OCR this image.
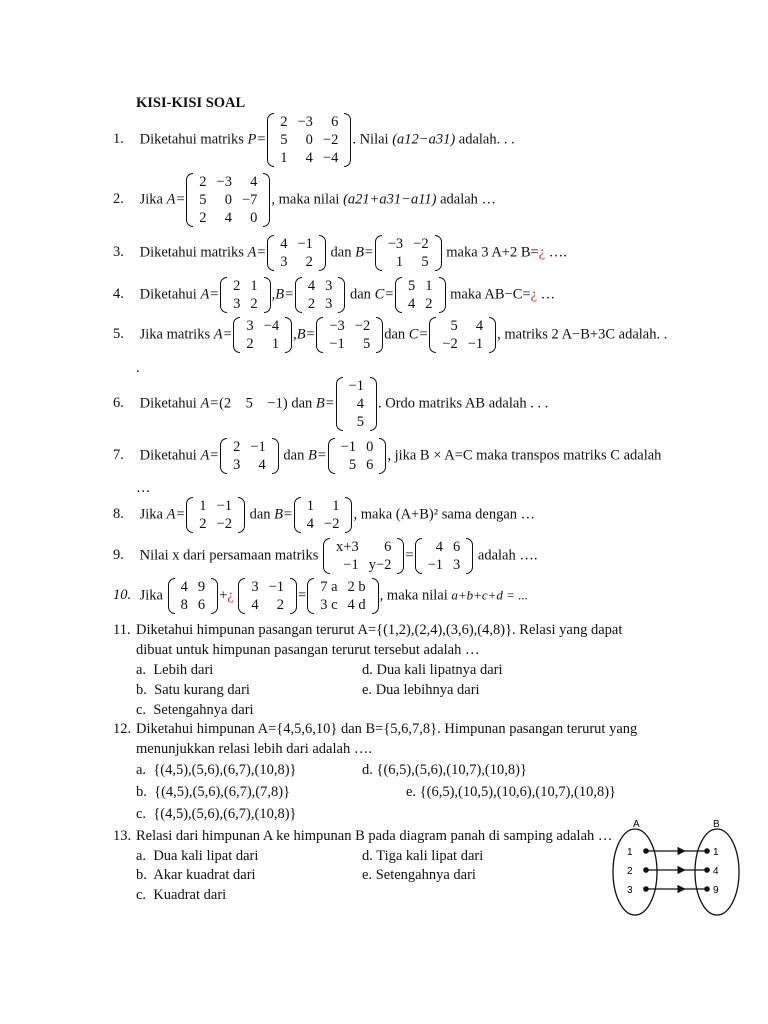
KISI-KISI SOAL
1. Diketahui matriks P=
2	−3	6
5	0	−2
1	4	−4
. Nilai (a12−a31) adalah. . .
2. Jika A=
2	−3	4
5	0	−7
2	4	0
, maka nilai (a21+a31−a11) adalah …
3. Diketahui matriks A=
4	−1
3	2
dan B=
−3	−2
1	5
maka 3 A+2 B=¿ ….
4. Diketahui A=
2	1
3	2
,B=
4	3
2	3
dan C=
5	1
4	2
maka AB−C=¿ …
5. Jika matriks A=
3	−4
2	1
,B=
−3	−2
−1	5
dan C=
5	4
−2	−1
, matriks 2 A−B+3C adalah. .
.
6. Diketahui A=(2    5    −1) dan B=
−1
4
5
. Ordo matriks AB adalah . . .
7. Diketahui A=
2	−1
3	4
dan B=
−1	0
5	6
, jika B × A=C maka transpos matriks C adalah
…
8. Jika A=
1	−1
2	−2
dan B=
1	1
4	−2
, maka (A+B)² sama dengan …
9. Nilai x dari persamaan matriks
x+3	6
−1	y−2
=
4	6
−1	3
adalah ….
10. Jika
4	9
8	6
+¿
3	−1
4	2
=
7 a	2 b
3 c	4 d
, maka nilai a+b+c+d = ...
11. Diketahui himpunan pasangan terurut A={(1,2),(2,4),(3,6),(4,8)}. Relasi yang dapat
dibuat untuk himpunan pasangan terurut tersebut adalah …
a. Lebih dari
b. Satu kurang dari
c. Setengahnya dari
d. Dua kali lipatnya dari
e. Dua lebihnya dari
12. Diketahui himpunan A={4,5,6,10} dan B={5,6,7,8}. Himpunan pasangan terurut yang
menunjukkan relasi lebih dari adalah ….
a. {(4,5),(5,6),(6,7),(10,8)}
b. {(4,5),(5,6),(6,7),(7,8)}
c. {(4,5),(5,6),(6,7),(10,8)}
d. {(6,5),(5,6),(10,7),(10,8)}
e. {(6,5),(10,5),(10,6),(10,7),(10,8)}
13. Relasi dari himpunan A ke himpunan B pada diagram panah di samping adalah …
a. Dua kali lipat dari
b. Akar kuadrat dari
c. Kuadrat dari
d. Tiga kali lipat dari
e. Setengahnya dari
A	B
1
2
3
1
4
9
